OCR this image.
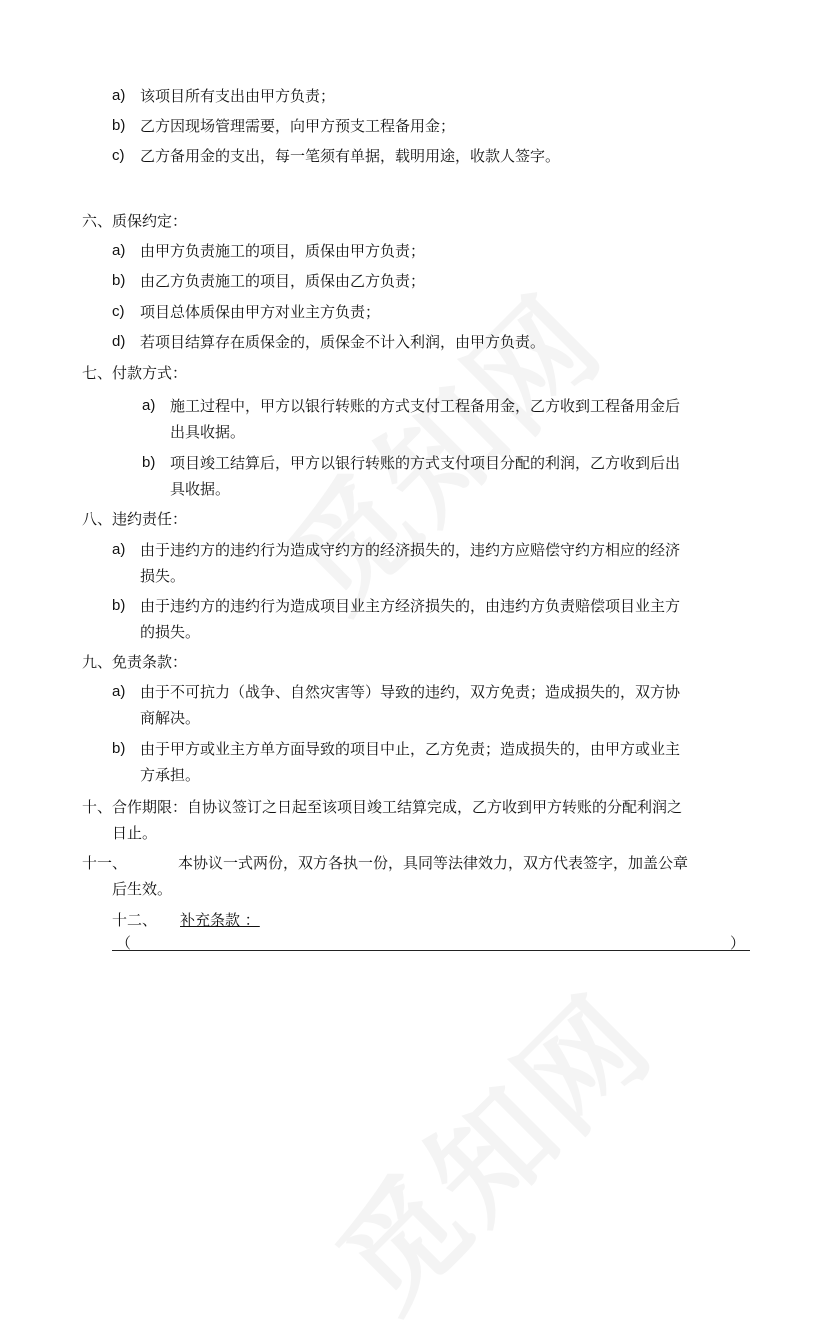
a) 该项目所有支出由甲方负责；
b) 乙方因现场管理需要，向甲方预支工程备用金；
c) 乙方备用金的支出，每一笔须有单据，载明用途，收款人签字。
六、质保约定：
a) 由甲方负责施工的项目，质保由甲方负责；
b) 由乙方负责施工的项目，质保由乙方负责；
c) 项目总体质保由甲方对业主方负责；
d) 若项目结算存在质保金的，质保金不计入利润，由甲方负责。
七、付款方式：
a) 施工过程中，甲方以银行转账的方式支付工程备用金，乙方收到工程备用金后
出具收据。
b) 项目竣工结算后，甲方以银行转账的方式支付项目分配的利润，乙方收到后出
具收据。
八、违约责任：
a) 由于违约方的违约行为造成守约方的经济损失的，违约方应赔偿守约方相应的经济
损失。
b) 由于违约方的违约行为造成项目业主方经济损失的，由违约方负责赔偿项目业主方
的损失。
九、免责条款：
a) 由于不可抗力（战争、自然灾害等）导致的违约，双方免责；造成损失的，双方协
商解决。
b) 由于甲方或业主方单方面导致的项目中止，乙方免责；造成损失的，由甲方或业主
方承担。
十、合作期限：自协议签订之日起至该项目竣工结算完成，乙方收到甲方转账的分配利润之
日止。
十一、	本协议一式两份，双方各执一份，具同等法律效力，双方代表签字，加盖公章
后生效。
十二、 补充条款 ：
（	）
